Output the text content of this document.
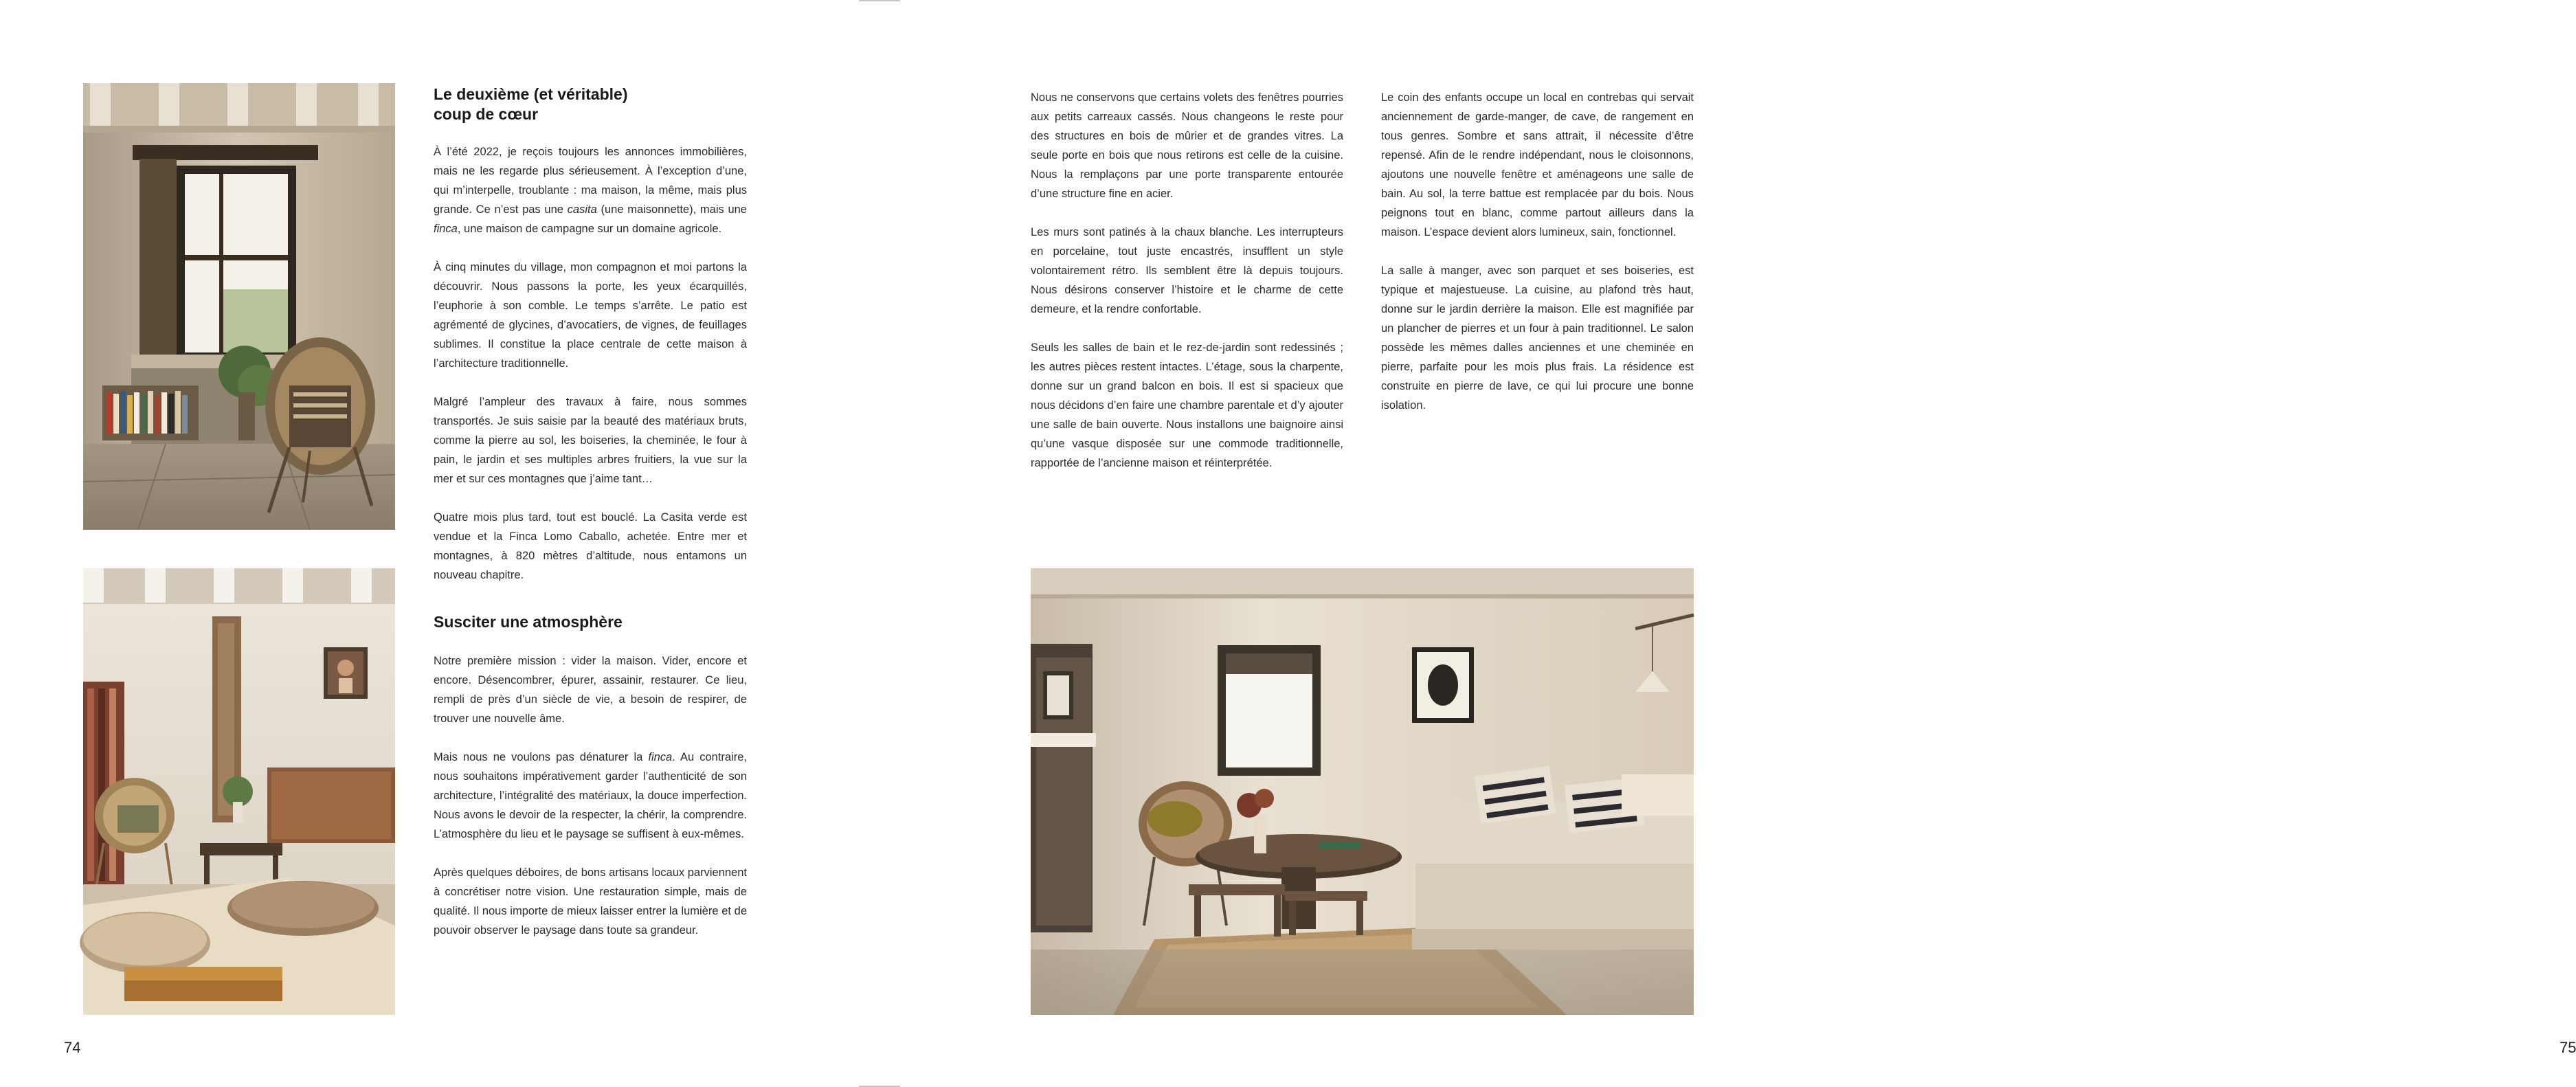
Le deuxième (et véritable)
coup de cœur

À l’été 2022, je reçois toujours les annonces immobilières, mais ne les regarde plus sérieusement. À l’exception d’une, qui m’interpelle, troublante : ma maison, la même, mais plus grande. Ce n’est pas une casita (une maisonnette), mais une finca, une maison de campagne sur un domaine agricole.

À cinq minutes du village, mon compagnon et moi partons la découvrir. Nous passons la porte, les yeux écarquillés, l’euphorie à son comble. Le temps s’arrête. Le patio est agrémenté de glycines, d’avocatiers, de vignes, de feuillages sublimes. Il constitue la place centrale de cette maison à l’architecture traditionnelle.

Malgré l’ampleur des travaux à faire, nous sommes transportés. Je suis saisie par la beauté des matériaux bruts, comme la pierre au sol, les boiseries, la cheminée, le four à pain, le jardin et ses multiples arbres fruitiers, la vue sur la mer et sur ces montagnes que j’aime tant…

Quatre mois plus tard, tout est bouclé. La Casita verde est vendue et la Finca Lomo Caballo, achetée. Entre mer et montagnes, à 820 mètres d’altitude, nous entamons un nouveau chapitre.

Susciter une atmosphère

Notre première mission : vider la maison. Vider, encore et encore. Désencombrer, épurer, assainir, restaurer. Ce lieu, rempli de près d’un siècle de vie, a besoin de respirer, de trouver une nouvelle âme.

Mais nous ne voulons pas dénaturer la finca. Au contraire, nous souhaitons impérativement garder l’authenticité de son architecture, l’intégralité des matériaux, la douce imperfection. Nous avons le devoir de la respecter, la chérir, la comprendre. L’atmosphère du lieu et le paysage se suffisent à eux-mêmes.

Après quelques déboires, de bons artisans locaux parviennent à concrétiser notre vision. Une restauration simple, mais de qualité. Il nous importe de mieux laisser entrer la lumière et de pouvoir observer le paysage dans toute sa grandeur.

74

Nous ne conservons que certains volets des fenêtres pourries aux petits carreaux cassés. Nous changeons le reste pour des structures en bois de mûrier et de grandes vitres. La seule porte en bois que nous retirons est celle de la cuisine. Nous la remplaçons par une porte transparente entourée d’une structure fine en acier.

Les murs sont patinés à la chaux blanche. Les interrupteurs en porcelaine, tout juste encastrés, insufflent un style volontairement rétro. Ils semblent être là depuis toujours. Nous désirons conserver l’histoire et le charme de cette demeure, et la rendre confortable.

Seuls les salles de bain et le rez-de-jardin sont redessinés ; les autres pièces restent intactes. L’étage, sous la charpente, donne sur un grand balcon en bois. Il est si spacieux que nous décidons d’en faire une chambre parentale et d’y ajouter une salle de bain ouverte. Nous installons une baignoire ainsi qu’une vasque disposée sur une commode traditionnelle, rapportée de l’ancienne maison et réinterprétée.

Le coin des enfants occupe un local en contrebas qui servait anciennement de garde-manger, de cave, de rangement en tous genres. Sombre et sans attrait, il nécessite d’être repensé. Afin de le rendre indépendant, nous le cloisonnons, ajoutons une nouvelle fenêtre et aménageons une salle de bain. Au sol, la terre battue est remplacée par du bois. Nous peignons tout en blanc, comme partout ailleurs dans la maison. L’espace devient alors lumineux, sain, fonctionnel.

La salle à manger, avec son parquet et ses boiseries, est typique et majestueuse. La cuisine, au plafond très haut, donne sur le jardin derrière la maison. Elle est magnifiée par un plancher de pierres et un four à pain traditionnel. Le salon possède les mêmes dalles anciennes et une cheminée en pierre, parfaite pour les mois plus frais. La résidence est construite en pierre de lave, ce qui lui procure une bonne isolation.

75
